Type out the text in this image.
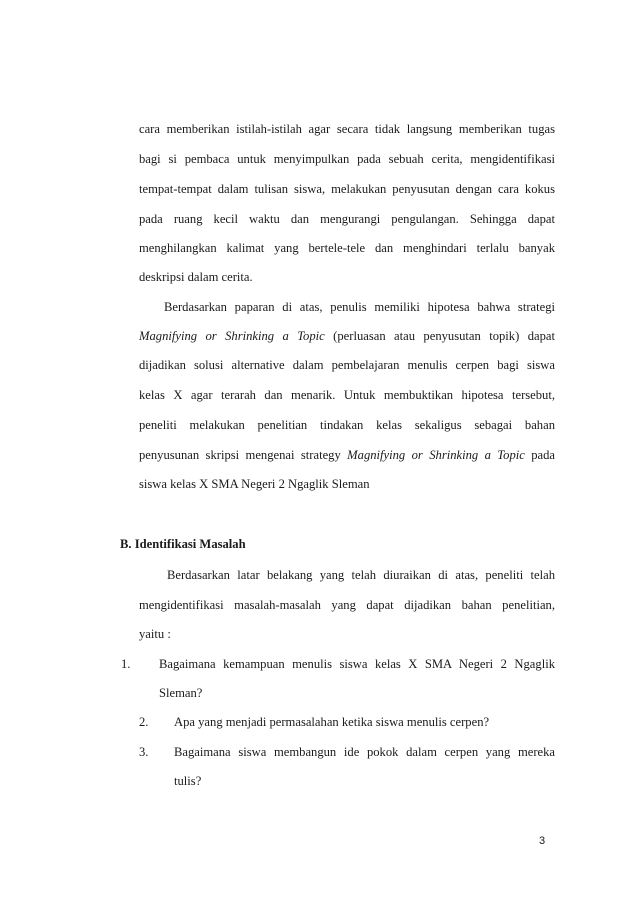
cara memberikan istilah-istilah agar secara tidak langsung memberikan tugas
bagi si pembaca untuk menyimpulkan pada sebuah cerita, mengidentifikasi
tempat-tempat dalam tulisan siswa, melakukan penyusutan dengan cara kokus
pada ruang kecil waktu dan mengurangi pengulangan. Sehingga dapat
menghilangkan kalimat yang bertele-tele dan menghindari terlalu banyak
deskripsi dalam cerita.
Berdasarkan paparan di atas, penulis memiliki hipotesa bahwa strategi
Magnifying or Shrinking a Topic (perluasan atau penyusutan topik) dapat
dijadikan solusi alternative dalam pembelajaran menulis cerpen bagi siswa
kelas X agar terarah dan menarik. Untuk membuktikan hipotesa tersebut,
peneliti melakukan penelitian tindakan kelas sekaligus sebagai bahan
penyusunan skripsi mengenai strategy Magnifying or Shrinking a Topic pada
siswa kelas X SMA Negeri 2 Ngaglik Sleman
B. Identifikasi Masalah
Berdasarkan latar belakang yang telah diuraikan di atas, peneliti telah
mengidentifikasi masalah-masalah yang dapat dijadikan bahan penelitian,
yaitu :
1. Bagaimana kemampuan menulis siswa kelas X SMA Negeri 2 Ngaglik
Sleman?
2. Apa yang menjadi permasalahan ketika siswa menulis cerpen?
3. Bagaimana siswa membangun ide pokok dalam cerpen yang mereka
tulis?
3
